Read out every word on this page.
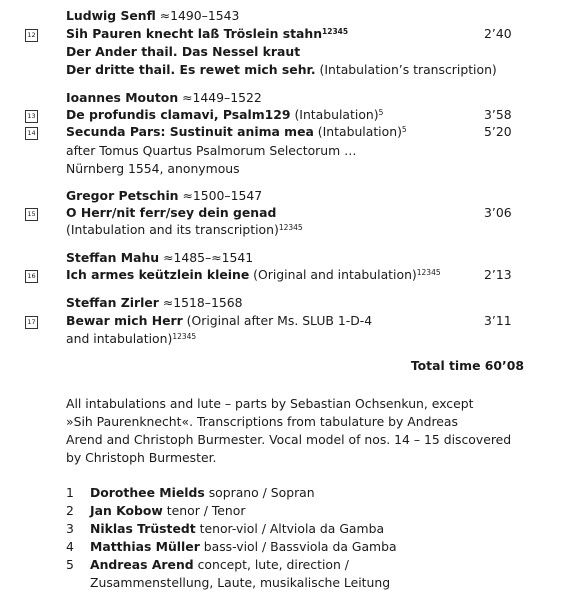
Ludwig Senfl ≈1490–1543
12 Sih Pauren knecht laß Tröslein stahn$^{12345}$	2’40
Der Ander thail. Das Nessel kraut
Der dritte thail. Es rewet mich sehr. (Intabulation’s transcription)
Ioannes Mouton ≈1449–1522
13 De profundis clamavi, Psalm129 (Intabulation)$^5$	3’58
14 Secunda Pars: Sustinuit anima mea (Intabulation)$^5$	5’20
after Tomus Quartus Psalmorum Selectorum …
Nürnberg 1554, anonymous
Gregor Petschin ≈1500–1547
15 O Herr/nit ferr/sey dein genad	3’06
(Intabulation and its transcription)$^{12345}$
Steffan Mahu ≈1485–≈1541
16 Ich armes keützlein kleine (Original and intabulation)$^{12345}$	2’13
Steffan Zirler ≈1518–1568
17 Bewar mich Herr (Original after Ms. SLUB 1-D-4	3’11
and intabulation)$^{12345}$
Total time 60’08
All intabulations and lute – parts by Sebastian Ochsenkun, except
»Sih Paurenknecht«. Transcriptions from tabulature by Andreas
Arend and Christoph Burmester. Vocal model of nos. 14 – 15 discovered
by Christoph Burmester.
1	Dorothee Mields soprano / Sopran
2	Jan Kobow tenor / Tenor
3	Niklas Trüstedt tenor-viol / Altviola da Gamba
4	Matthias Müller bass-viol / Bassviola da Gamba
5	Andreas Arend concept, lute, direction /
Zusammenstellung, Laute, musikalische Leitung
